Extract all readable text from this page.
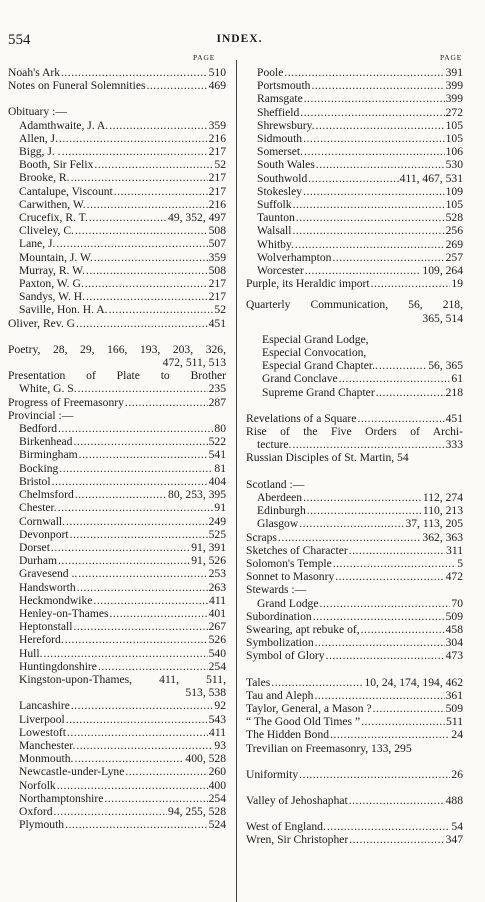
554	INDEX.
PAGE	PAGE
Noah's Ark . . .	510
Notes on Funeral Solemnities . . .	469
Obituary :—
Adamthwaite, J. A. . . .	359
Allen, J. . . .	216
Bigg, J. . . . .	217
Booth, Sir Felix . . .	52
Brooke, R. . . .	217
Cantalupe, Viscount . . .	217
Carwithen, W. . . .	216
Crucefix, R. T. . . .	49, 352, 497
Cliveley, C. . . .	508
Lane, J. . . .	507
Mountain, J. W. . . .	359
Murray, R. W. . . .	508
Paxton, W. G. . . .	217
Sandys, W. H. . . .	217
Saville, Hon. H. A. . . .	52
Oliver, Rev. G . . .	451
Poetry, 28, 29, 166, 193, 203, 326,
472, 511, 513
Presentation of Plate to Brother
White, G. S. . . .	235
Progress of Freemasonry . . .	287
Provincial :—
Bedford . . .	80
Birkenhead . . .	522
Birmingham . . .	541
Bocking . . .	81
Bristol . . .	404
Chelmsford . . .	80, 253, 395
Chester. . . .	91
Cornwall. . . .	249
Devonport . . .	525
Dorset . . .	91, 391
Durham . . .	91, 526
Gravesend .. . . .	253
Handsworth . . .	263
Heckmondwike . . .	411
Henley-on-Thames . . .	401
Heptonstall . . .	267
Hereford. . . .	526
Hull. . . .	540
Huntingdonshire . . .	254
Kingston-upon-Thames, 411, 511,
513, 538
Lancashire . . .	92
Liverpool . . .	543
Lowestoft . . .	411
Manchester. . . .	93
Monmouth. . . .	400, 528
Newcastle-under-Lyne . . .	260
Norfolk . . .	400
Northamptonshire . . .	254
Oxford . . .	94, 255, 528
Plymouth . . .	524
Poole . . .	391
Portsmouth . . .	399
Ramsgate . . .	399
Sheffield . . .	272
Shrewsbury. . . .	105
Sidmouth . . .	105
Somerset. . . .	106
South Wales . . .	530
Southwold . . .	411, 467, 531
Stokesley . . .	109
Suffolk . . .	105
Taunton . . .	528
Walsall . . .	256
Whitby. . . .	269
Wolverhampton . . .	257
Worcester . . .	109, 264
Purple, its Heraldic import . . .	19
Quarterly Communication, 56, 218,
365, 514
Especial Grand Lodge,
Especial Convocation,
Especial Grand Chapter.. . . .	56, 365
Grand Conclave . . .	61
Supreme Grand Chapter . . .	218
Revelations of a Square . . .	451
Rise of the Five Orders of Archi-
tecture. . . .	333
Russian Disciples of St. Martin, 54
Scotland :—
Aberdeen . . .	112, 274
Edinburgh . . .	110, 213
Glasgow . . .	37, 113, 205
Scraps . . .	362, 363
Sketches of Character . . .	311
Solomon's Temple . . .	5
Sonnet to Masonry . . .	472
Stewards :—
Grand Lodge . . .	70
Subordination . . .	509
Swearing, apt rebuke of, . . .	458
Symbolization . . .	304
Symbol of Glory . . .	473
Tales . . .	10, 24, 174, 194, 462
Tau and Aleph . . .	361
Taylor, General, a Mason ? . . .	509
“ The Good Old Times ” . . .	511
The Hidden Bond . . .	24
Trevilian on Freemasonry, 133, 295
Uniformity . . .	26
Valley of Jehoshaphat . . .	488
West of England. . . .	54
Wren, Sir Christopher . . .	347
